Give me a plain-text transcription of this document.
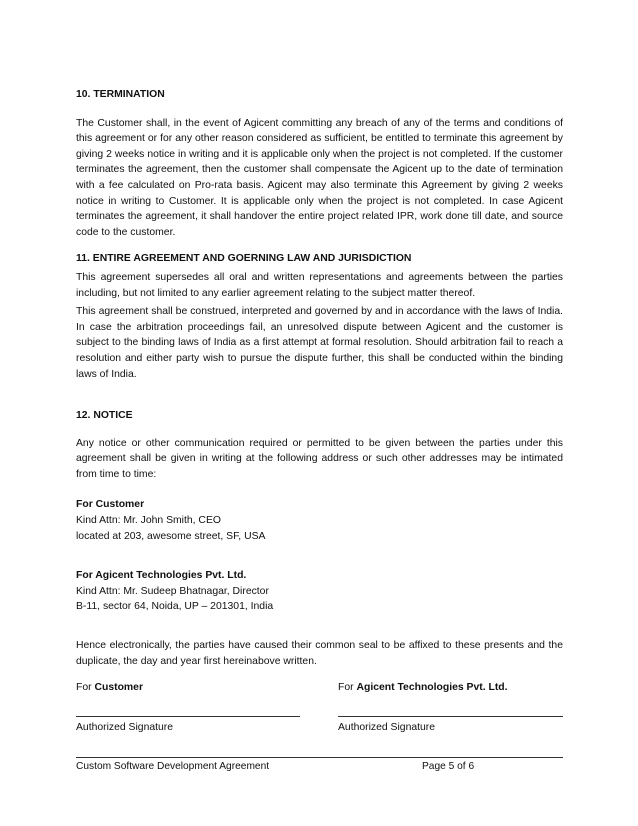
10. TERMINATION

The Customer shall, in the event of Agicent committing any breach of any of the terms and conditions of this agreement or for any other reason considered as sufficient, be entitled to terminate this agreement by giving 2 weeks notice in writing and it is applicable only when the project is not completed. If the customer terminates the agreement, then the customer shall compensate the Agicent up to the date of termination with a fee calculated on Pro-rata basis. Agicent may also terminate this Agreement by giving 2 weeks notice in writing to Customer. It is applicable only when the project is not completed. In case Agicent terminates the agreement, it shall handover the entire project related IPR, work done till date, and source code to the customer.

11. ENTIRE AGREEMENT AND GOERNING LAW AND JURISDICTION

This agreement supersedes all oral and written representations and agreements between the parties including, but not limited to any earlier agreement relating to the subject matter thereof.

This agreement shall be construed, interpreted and governed by and in accordance with the laws of India. In case the arbitration proceedings fail, an unresolved dispute between Agicent and the customer is subject to the binding laws of India as a first attempt at formal resolution. Should arbitration fail to reach a resolution and either party wish to pursue the dispute further, this shall be conducted within the binding laws of India.

12. NOTICE

Any notice or other communication required or permitted to be given between the parties under this agreement shall be given in writing at the following address or such other addresses may be intimated from time to time:

For Customer

Kind Attn: Mr. John Smith, CEO

located at 203, awesome street, SF, USA

For Agicent Technologies Pvt. Ltd.

Kind Attn: Mr. Sudeep Bhatnagar, Director

B-11, sector 64, Noida, UP – 201301, India

Hence electronically, the parties have caused their common seal to be affixed to these presents and the duplicate, the day and year first hereinabove written.

For Customer
Authorized Signature
For Agicent Technologies Pvt. Ltd.
Authorized Signature
Custom Software Development Agreement	Page 5 of 6
